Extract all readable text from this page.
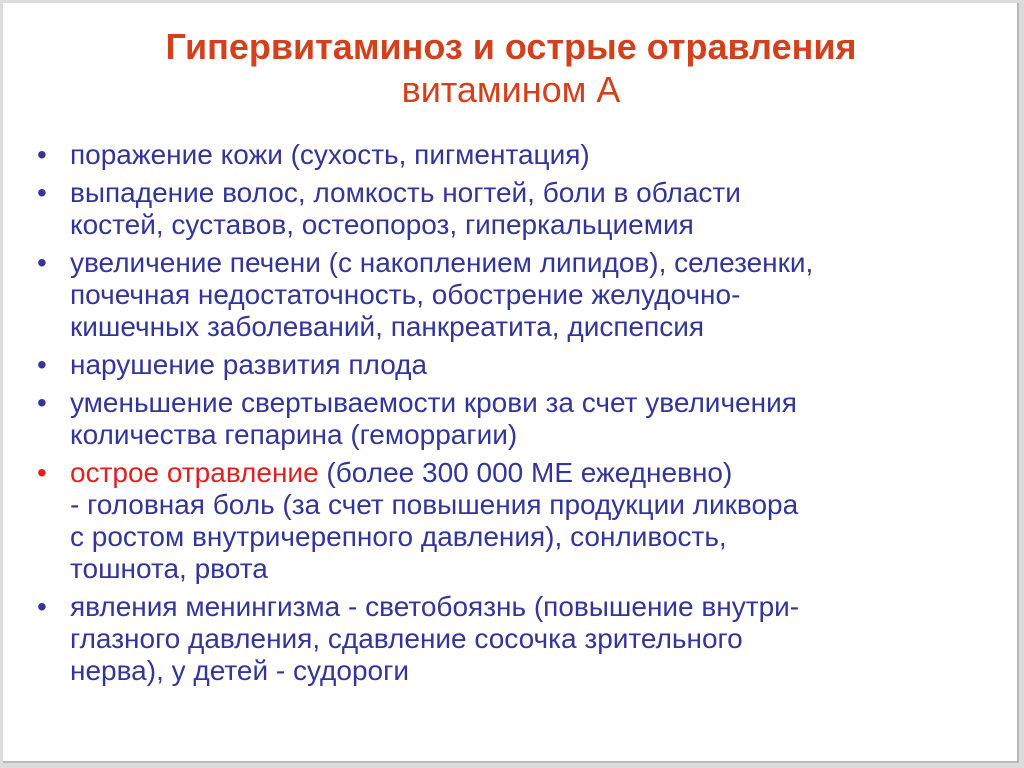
Гипервитаминоз и острые отравления
витамином А
• поражение кожи (сухость, пигментация)
• выпадение волос, ломкость ногтей, боли в области
костей, суставов, остеопороз, гиперкальциемия
• увеличение печени (с накоплением липидов), селезенки,
почечная недостаточность, обострение желудочно-
кишечных заболеваний, панкреатита, диспепсия
• нарушение развития плода
• уменьшение свертываемости крови за счет увеличения
количества гепарина (геморрагии)
• острое отравление (более 300 000 МЕ ежедневно)
- головная боль (за счет повышения продукции ликвора
с ростом внутричерепного давления), сонливость,
тошнота, рвота
• явления менингизма - светобоязнь (повышение внутри-
глазного давления, сдавление сосочка зрительного
нерва), у детей - судороги
